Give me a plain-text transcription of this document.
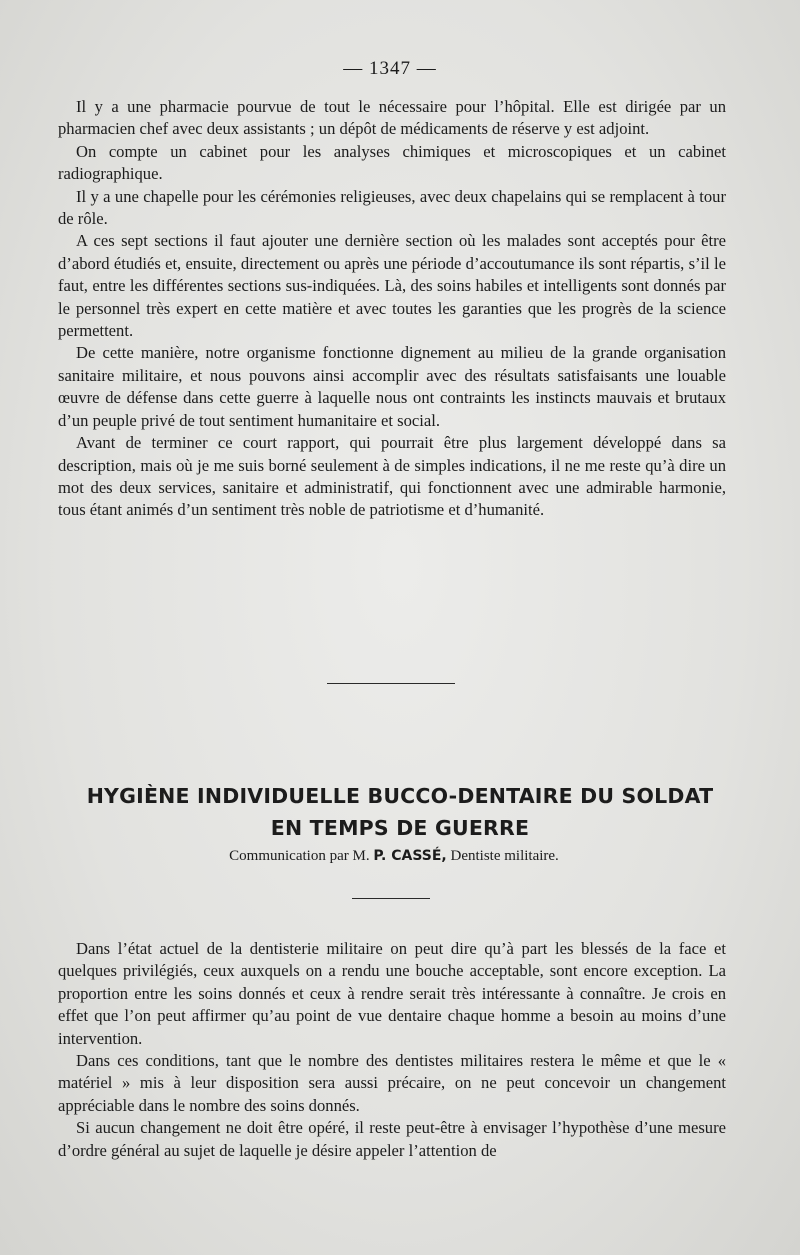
— 1347 —

Il y a une pharmacie pourvue de tout le nécessaire pour l’hôpital. Elle est dirigée par un pharmacien chef avec deux assistants ; un dépôt de médicaments de réserve y est adjoint.

On compte un cabinet pour les analyses chimiques et microscopiques et un cabinet radiographique.

Il y a une chapelle pour les cérémonies religieuses, avec deux chapelains qui se remplacent à tour de rôle.

A ces sept sections il faut ajouter une dernière section où les malades sont acceptés pour être d’abord étudiés et, ensuite, directement ou après une période d’accoutumance ils sont répartis, s’il le faut, entre les différentes sections sus-indiquées. Là, des soins habiles et intelligents sont donnés par le personnel très expert en cette matière et avec toutes les garanties que les progrès de la science permettent.

De cette manière, notre organisme fonctionne dignement au milieu de la grande organisation sanitaire militaire, et nous pouvons ainsi accomplir avec des résultats satisfaisants une louable œuvre de défense dans cette guerre à laquelle nous ont contraints les instincts mauvais et brutaux d’un peuple privé de tout sentiment humanitaire et social.

Avant de terminer ce court rapport, qui pourrait être plus largement développé dans sa description, mais où je me suis borné seulement à de simples indications, il ne me reste qu’à dire un mot des deux services, sanitaire et administratif, qui fonctionnent avec une admirable harmonie, tous étant animés d’un sentiment très noble de patriotisme et d’humanité.

HYGIÈNE INDIVIDUELLE BUCCO-DENTAIRE DU SOLDAT
EN TEMPS DE GUERRE
Communication par M. P. CASSÉ, Dentiste militaire.

Dans l’état actuel de la dentisterie militaire on peut dire qu’à part les blessés de la face et quelques privilégiés, ceux auxquels on a rendu une bouche acceptable, sont encore exception. La proportion entre les soins donnés et ceux à rendre serait très intéressante à connaître. Je crois en effet que l’on peut affirmer qu’au point de vue dentaire chaque homme a besoin au moins d’une intervention.

Dans ces conditions, tant que le nombre des dentistes militaires restera le même et que le « matériel » mis à leur disposition sera aussi précaire, on ne peut concevoir un changement appréciable dans le nombre des soins donnés.

Si aucun changement ne doit être opéré, il reste peut-être à envisager l’hypothèse d’une mesure d’ordre général au sujet de laquelle je désire appeler l’attention de
